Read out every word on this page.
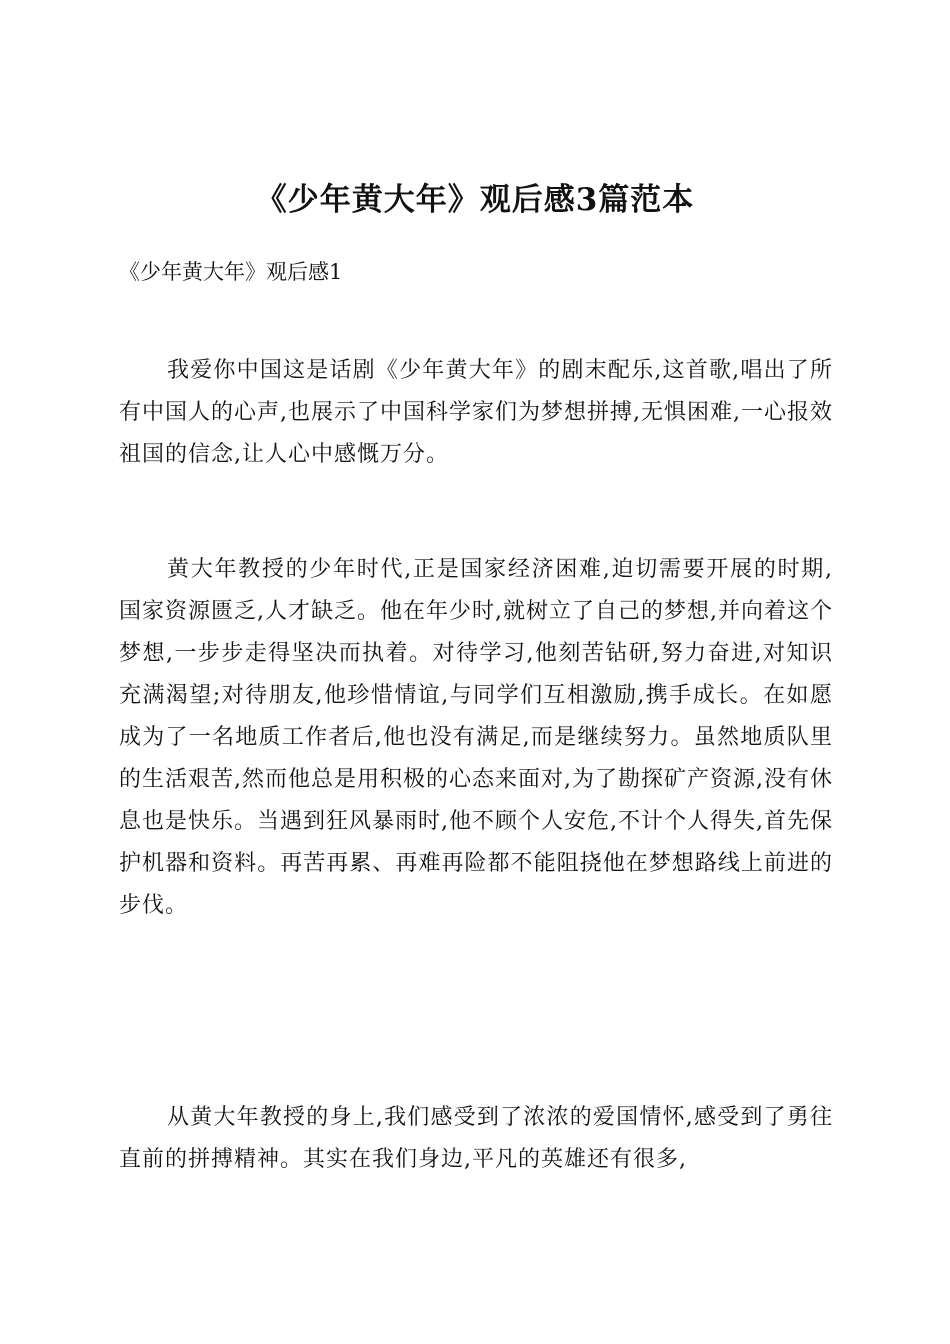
《少年黄大年》观后感3篇范本

《少年黄大年》观后感1

我爱你中国这是话剧《少年黄大年》的剧末配乐,这首歌,唱出了所有中国人的心声,也展示了中国科学家们为梦想拼搏,无惧困难,一心报效祖国的信念,让人心中感慨万分。

黄大年教授的少年时代,正是国家经济困难,迫切需要开展的时期,国家资源匮乏,人才缺乏。他在年少时,就树立了自己的梦想,并向着这个梦想,一步步走得坚决而执着。对待学习,他刻苦钻研,努力奋进,对知识充满渴望;对待朋友,他珍惜情谊,与同学们互相激励,携手成长。在如愿成为了一名地质工作者后,他也没有满足,而是继续努力。虽然地质队里的生活艰苦,然而他总是用积极的心态来面对,为了勘探矿产资源,没有休息也是快乐。当遇到狂风暴雨时,他不顾个人安危,不计个人得失,首先保护机器和资料。再苦再累、再难再险都不能阻挠他在梦想路线上前进的步伐。

从黄大年教授的身上,我们感受到了浓浓的爱国情怀,感受到了勇往直前的拼搏精神。其实在我们身边,平凡的英雄还有很多,
